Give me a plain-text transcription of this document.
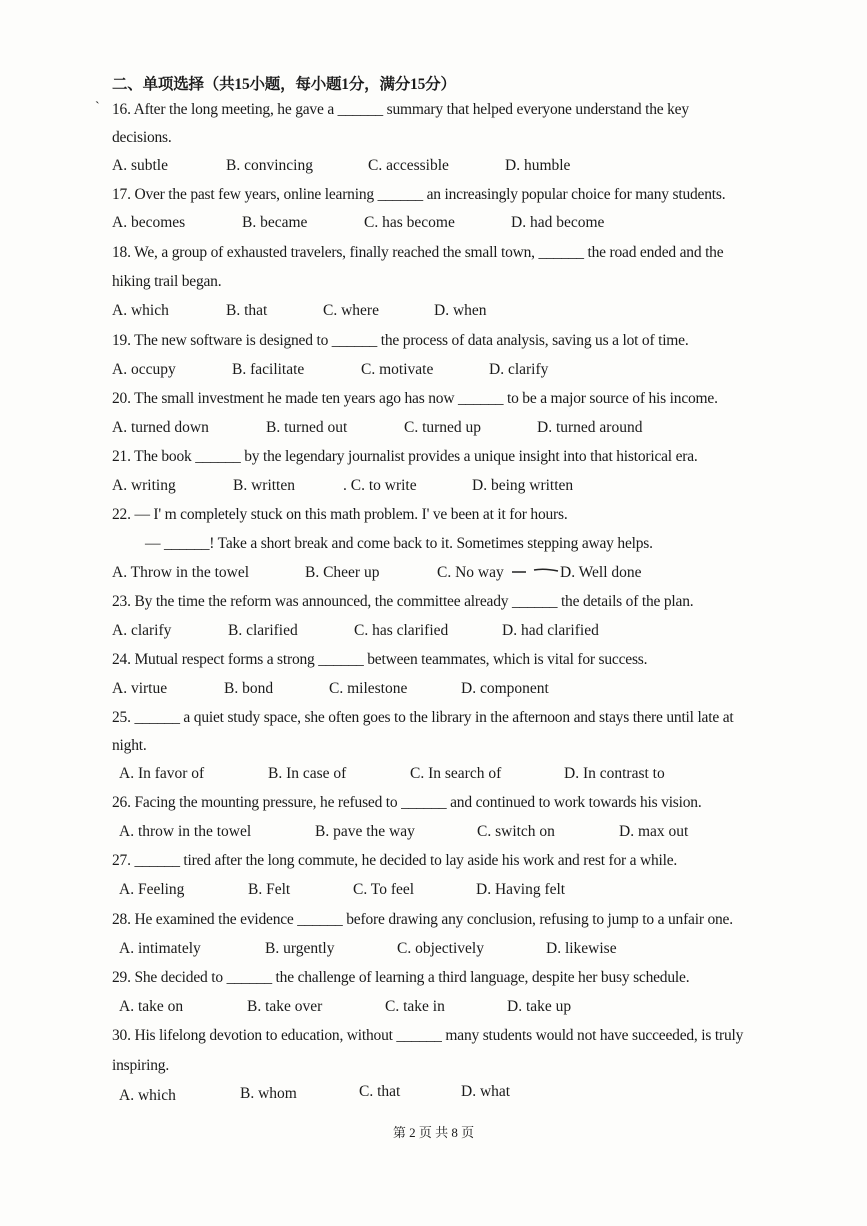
二、单项选择（共15小题，每小题1分，满分15分）
` 16. After the long meeting, he gave a ______ summary that helped everyone understand the key
decisions.
A. subtle	B. convincing	C. accessible	D. humble
17. Over the past few years, online learning ______ an increasingly popular choice for many students.
A. becomes	B. became	C. has become	D. had become
18. We, a group of exhausted travelers, finally reached the small town, ______ the road ended and the
hiking trail began.
A. which	B. that	C. where	D. when
19. The new software is designed to ______ the process of data analysis, saving us a lot of time.
A. occupy	B. facilitate	C. motivate	D. clarify
20. The small investment he made ten years ago has now ______ to be a major source of his income.
A. turned down	B. turned out	C. turned up	D. turned around
21. The book ______ by the legendary journalist provides a unique insight into that historical era.
A. writing	B. written	. C. to write	D. being written
22. — I' m completely stuck on this math problem. I' ve been at it for hours.
— ______! Take a short break and come back to it. Sometimes stepping away helps.
A. Throw in the towel	B. Cheer up	C. No way	D. Well done
23. By the time the reform was announced, the committee already ______ the details of the plan.
A. clarify	B. clarified	C. has clarified	D. had clarified
24. Mutual respect forms a strong ______ between teammates, which is vital for success.
A. virtue	B. bond	C. milestone	D. component
25. ______ a quiet study space, she often goes to the library in the afternoon and stays there until late at
night.
A. In favor of	B. In case of	C. In search of	D. In contrast to
26. Facing the mounting pressure, he refused to ______ and continued to work towards his vision.
A. throw in the towel	B. pave the way	C. switch on	D. max out
27. ______ tired after the long commute, he decided to lay aside his work and rest for a while.
A. Feeling	B. Felt	C. To feel	D. Having felt
28. He examined the evidence ______ before drawing any conclusion, refusing to jump to a unfair one.
A. intimately	B. urgently	C. objectively	D. likewise
29. She decided to ______ the challenge of learning a third language, despite her busy schedule.
A. take on	B. take over	C. take in	D. take up
30. His lifelong devotion to education, without ______ many students would not have succeeded, is truly
inspiring.
A. which	B. whom	C. that	D. what
第 2 页 共 8 页
